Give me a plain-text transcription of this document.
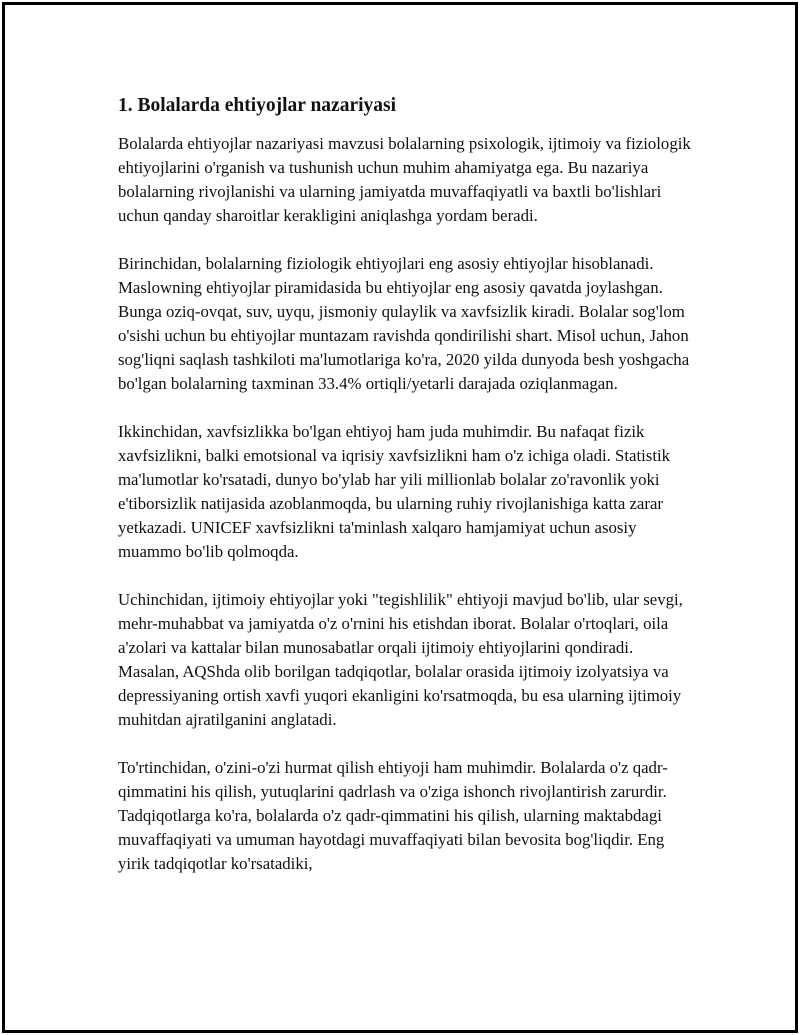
1. Bolalarda ehtiyojlar nazariyasi

Bolalarda ehtiyojlar nazariyasi mavzusi bolalarning psixologik, ijtimoiy va fiziologik ehtiyojlarini o'rganish va tushunish uchun muhim ahamiyatga ega. Bu nazariya bolalarning rivojlanishi va ularning jamiyatda muvaffaqiyatli va baxtli bo'lishlari uchun qanday sharoitlar kerakligini aniqlashga yordam beradi.

Birinchidan, bolalarning fiziologik ehtiyojlari eng asosiy ehtiyojlar hisoblanadi. Maslowning ehtiyojlar piramidasida bu ehtiyojlar eng asosiy qavatda joylashgan. Bunga oziq-ovqat, suv, uyqu, jismoniy qulaylik va xavfsizlik kiradi. Bolalar sog'lom o'sishi uchun bu ehtiyojlar muntazam ravishda qondirilishi shart. Misol uchun, Jahon sog'liqni saqlash tashkiloti ma'lumotlariga ko'ra, 2020 yilda dunyoda besh yoshgacha bo'lgan bolalarning taxminan 33.4% ortiqli/yetarli darajada oziqlanmagan.

Ikkinchidan, xavfsizlikka bo'lgan ehtiyoj ham juda muhimdir. Bu nafaqat fizik xavfsizlikni, balki emotsional va iqrisiy xavfsizlikni ham o'z ichiga oladi. Statistik ma'lumotlar ko'rsatadi, dunyo bo'ylab har yili millionlab bolalar zo'ravonlik yoki e'tiborsizlik natijasida azoblanmoqda, bu ularning ruhiy rivojlanishiga katta zarar yetkazadi. UNICEF xavfsizlikni ta'minlash xalqaro hamjamiyat uchun asosiy muammo bo'lib qolmoqda.

Uchinchidan, ijtimoiy ehtiyojlar yoki "tegishlilik" ehtiyoji mavjud bo'lib, ular sevgi, mehr-muhabbat va jamiyatda o'z o'rnini his etishdan iborat. Bolalar o'rtoqlari, oila a'zolari va kattalar bilan munosabatlar orqali ijtimoiy ehtiyojlarini qondiradi. Masalan, AQShda olib borilgan tadqiqotlar, bolalar orasida ijtimoiy izolyatsiya va depressiyaning ortish xavfi yuqori ekanligini ko'rsatmoqda, bu esa ularning ijtimoiy muhitdan ajratilganini anglatadi.

To'rtinchidan, o'zini-o'zi hurmat qilish ehtiyoji ham muhimdir. Bolalarda o'z qadr-qimmatini his qilish, yutuqlarini qadrlash va o'ziga ishonch rivojlantirish zarurdir. Tadqiqotlarga ko'ra, bolalarda o'z qadr-qimmatini his qilish, ularning maktabdagi muvaffaqiyati va umuman hayotdagi muvaffaqiyati bilan bevosita bog'liqdir. Eng yirik tadqiqotlar ko'rsatadiki,
